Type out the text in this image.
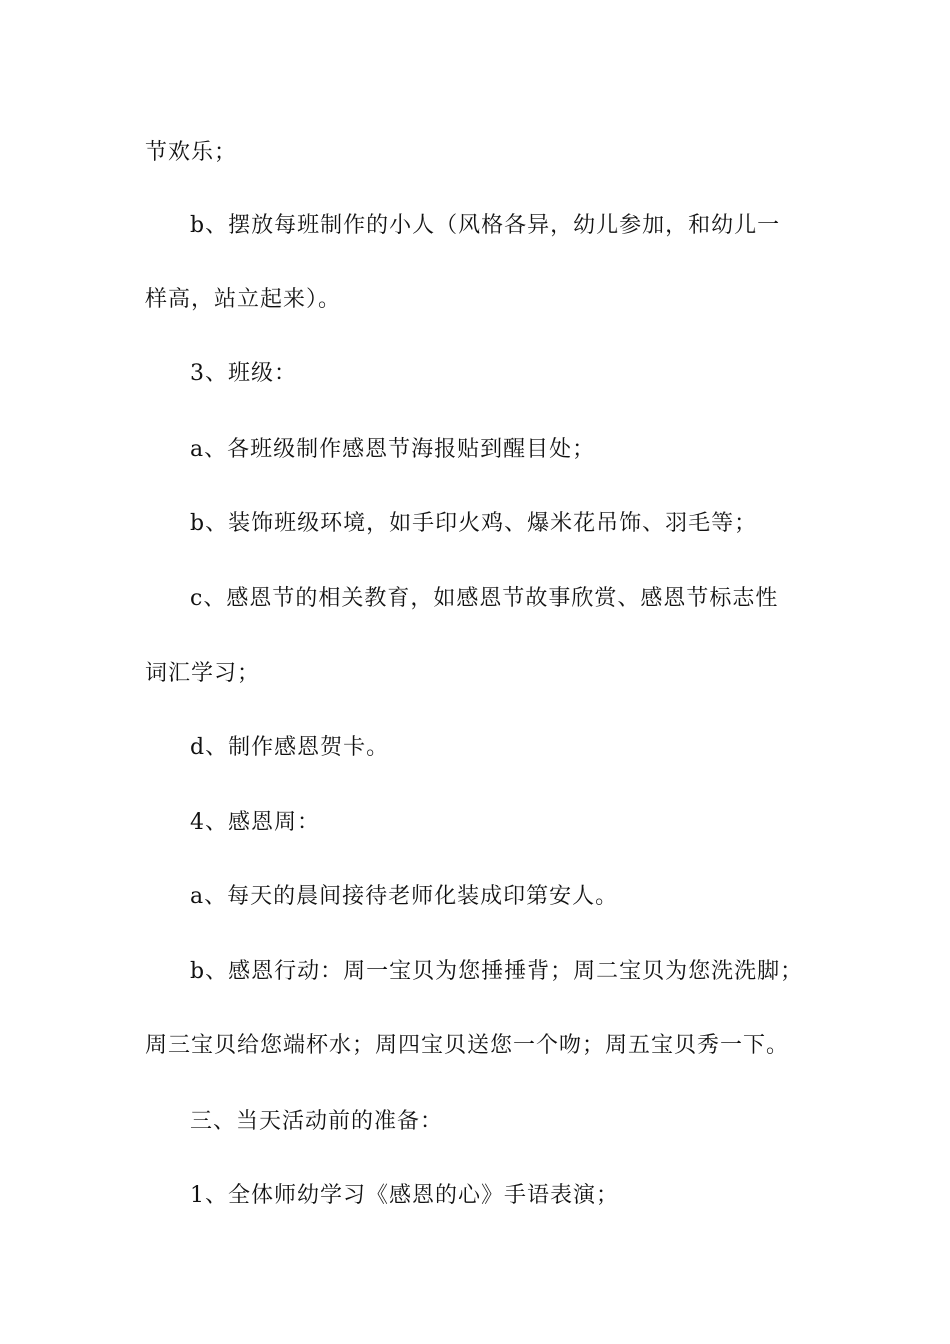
节欢乐；
b、摆放每班制作的小人（风格各异，幼儿参加，和幼儿一
样高，站立起来）。
3、班级：
a、各班级制作感恩节海报贴到醒目处；
b、装饰班级环境，如手印火鸡、爆米花吊饰、羽毛等；
c、感恩节的相关教育，如感恩节故事欣赏、感恩节标志性
词汇学习；
d、制作感恩贺卡。
4、感恩周：
a、每天的晨间接待老师化装成印第安人。
b、感恩行动：周一宝贝为您捶捶背；周二宝贝为您洗洗脚；
周三宝贝给您端杯水；周四宝贝送您一个吻；周五宝贝秀一下。
三、当天活动前的准备：
1、全体师幼学习《感恩的心》手语表演；
